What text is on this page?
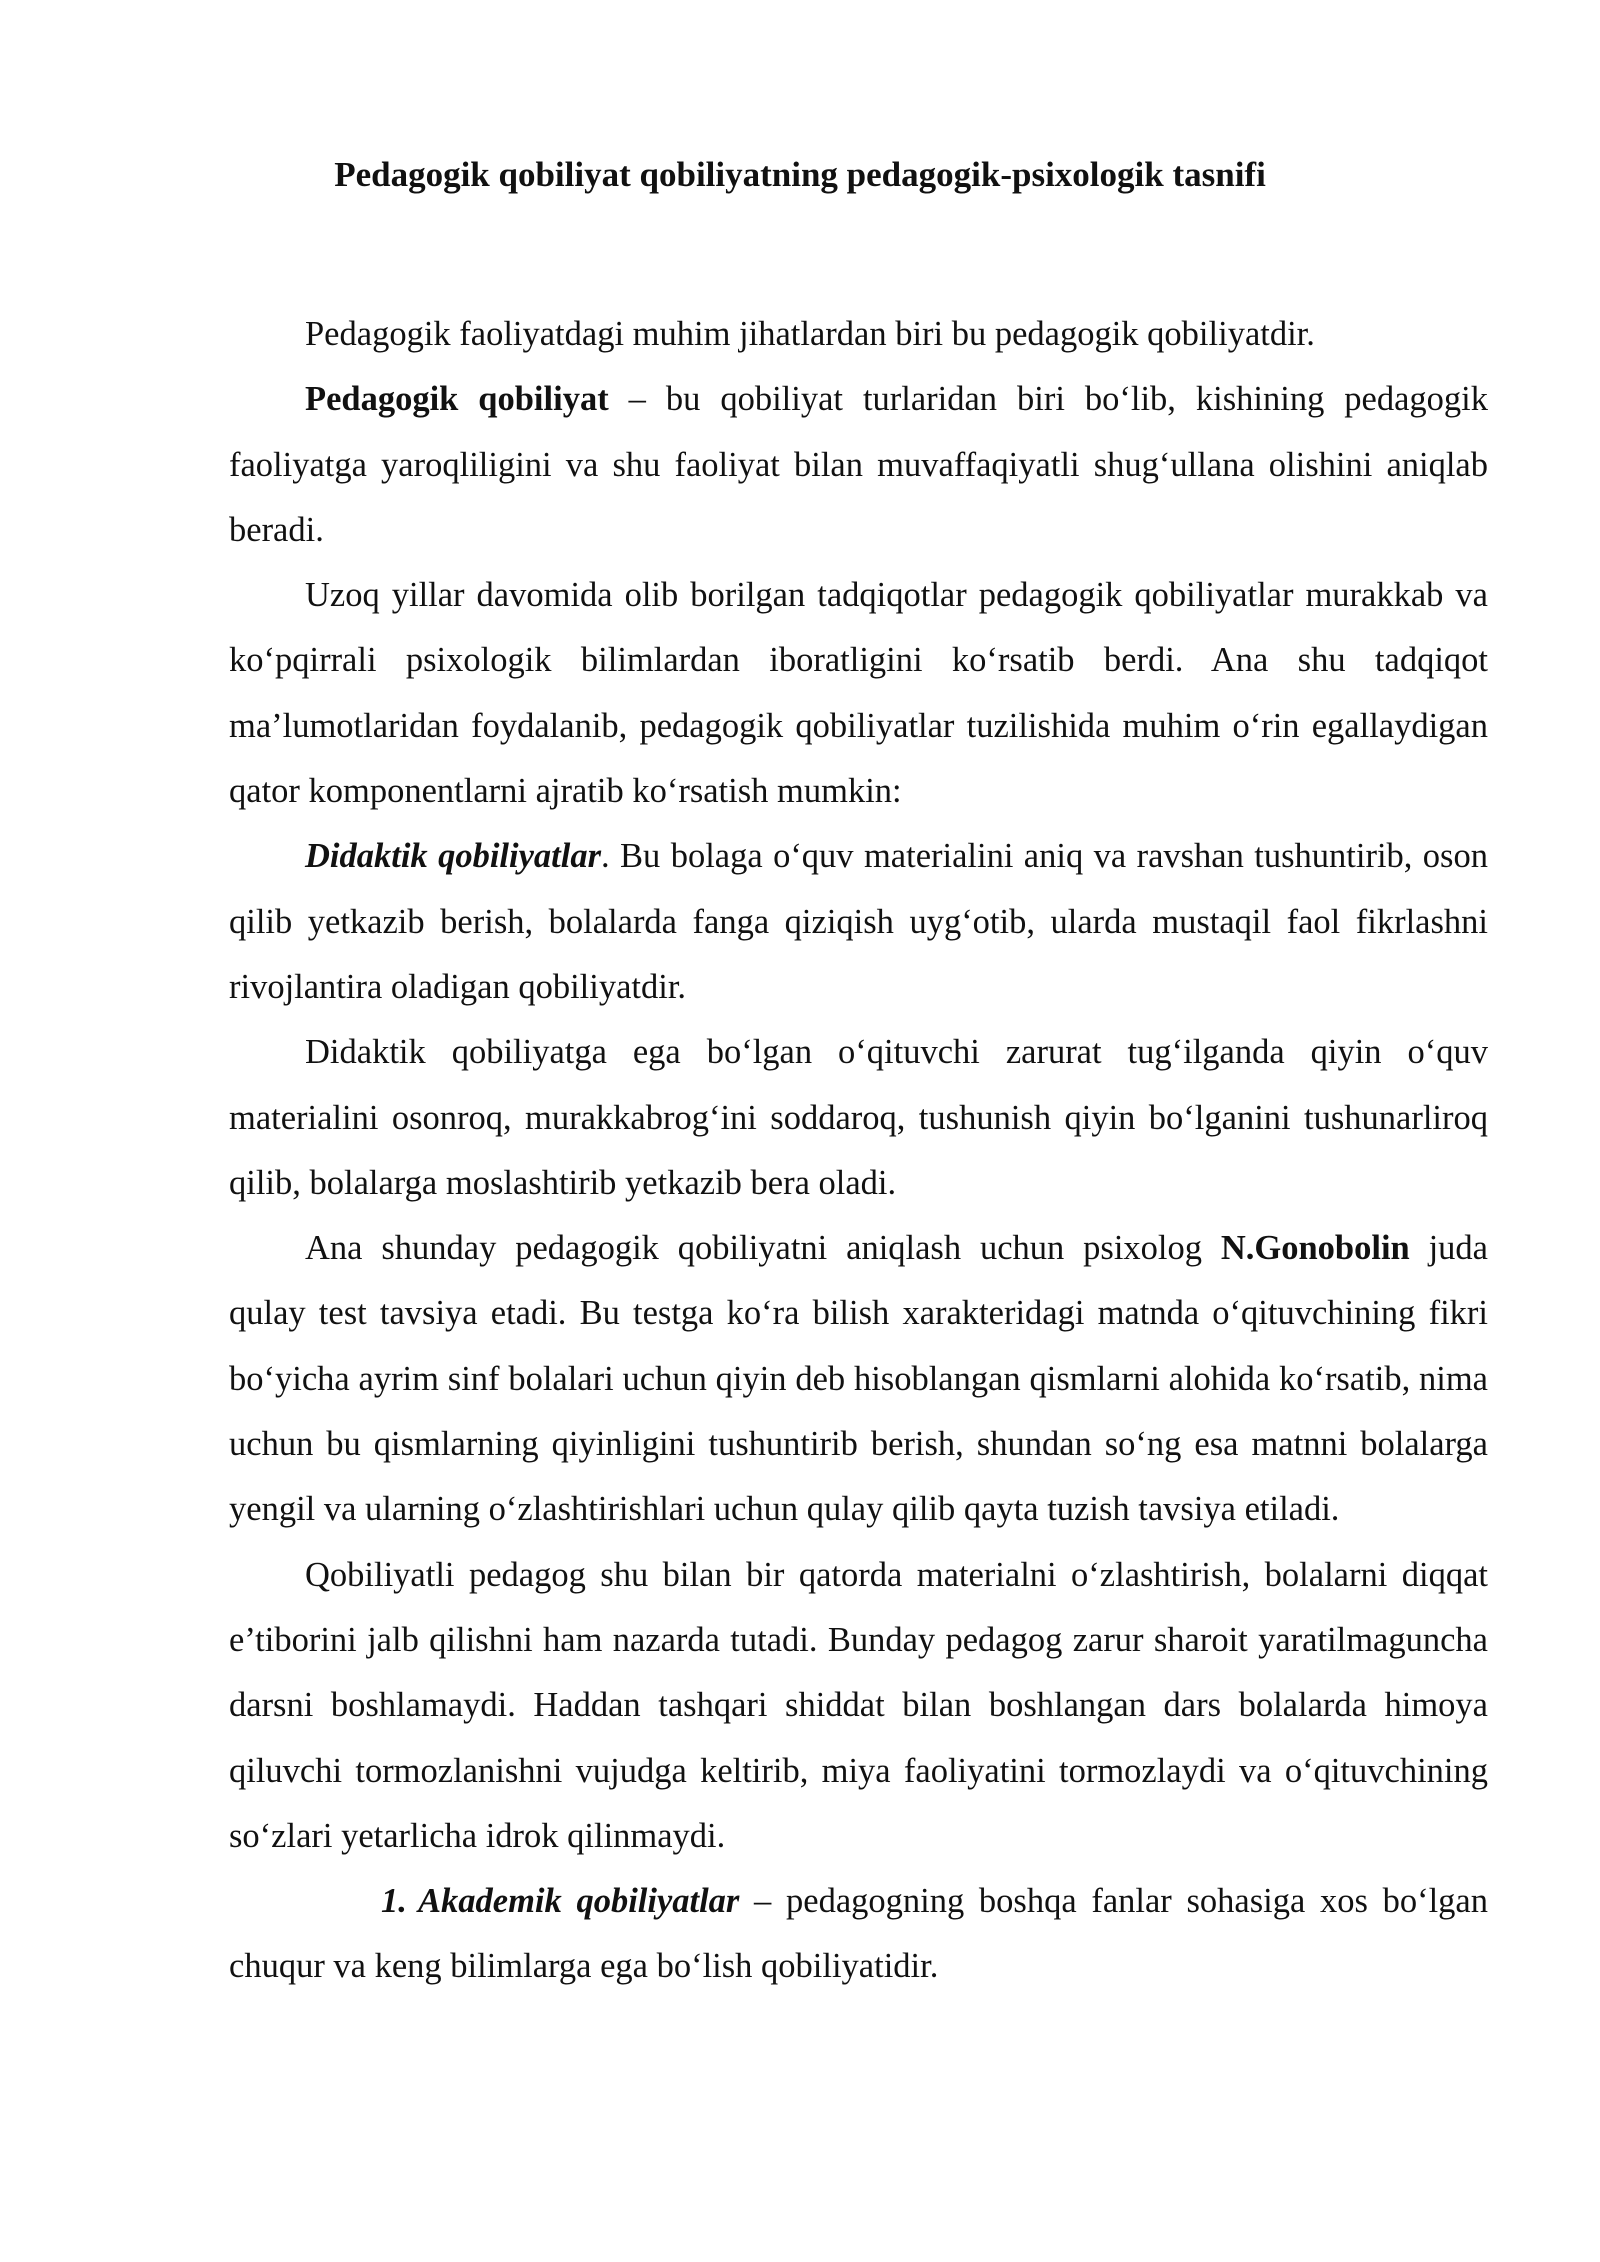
Pedagogik qobiliyat qobiliyatning pedagogik-psixologik tasnifi

Pedagogik faoliyatdagi muhim jihatlardan biri bu pedagogik qobiliyatdir.

Pedagogik qobiliyat – bu qobiliyat turlaridan biri bo‘lib, kishining pedagogik faoliyatga yaroqliligini va shu faoliyat bilan muvaffaqiyatli shug‘ullana olishini aniqlab beradi.

Uzoq yillar davomida olib borilgan tadqiqotlar pedagogik qobiliyatlar murakkab va ko‘pqirrali psixologik bilimlardan iboratligini ko‘rsatib berdi. Ana shu tadqiqot ma’lumotlaridan foydalanib, pedagogik qobiliyatlar tuzilishida muhim o‘rin egallaydigan qator komponentlarni ajratib ko‘rsatish mumkin:

Didaktik qobiliyatlar. Bu bolaga o‘quv materialini aniq va ravshan tushuntirib, oson qilib yetkazib berish, bolalarda fanga qiziqish uyg‘otib, ularda mustaqil faol fikrlashni rivojlantira oladigan qobiliyatdir.

Didaktik qobiliyatga ega bo‘lgan o‘qituvchi zarurat tug‘ilganda qiyin o‘quv materialini osonroq, murakkabrog‘ini soddaroq, tushunish qiyin bo‘lganini tushunarliroq qilib, bolalarga moslashtirib yetkazib bera oladi.

Ana shunday pedagogik qobiliyatni aniqlash uchun psixolog N.Gonobolin juda qulay test tavsiya etadi. Bu testga ko‘ra bilish xarakteridagi matnda o‘qituvchining fikri bo‘yicha ayrim sinf bolalari uchun qiyin deb hisoblangan qismlarni alohida ko‘rsatib, nima uchun bu qismlarning qiyinligini tushuntirib berish, shundan so‘ng esa matnni bolalarga yengil va ularning o‘zlashtirishlari uchun qulay qilib qayta tuzish tavsiya etiladi.

Qobiliyatli pedagog shu bilan bir qatorda materialni o‘zlashtirish, bolalarni diqqat e’tiborini jalb qilishni ham nazarda tutadi. Bunday pedagog zarur sharoit yaratilmaguncha darsni boshlamaydi. Haddan tashqari shiddat bilan boshlangan dars bolalarda himoya qiluvchi tormozlanishni vujudga keltirib, miya faoliyatini tormozlaydi va o‘qituvchining so‘zlari yetarlicha idrok qilinmaydi.

1. Akademik qobiliyatlar – pedagogning boshqa fanlar sohasiga xos bo‘lgan chuqur va keng bilimlarga ega bo‘lish qobiliyatidir.
